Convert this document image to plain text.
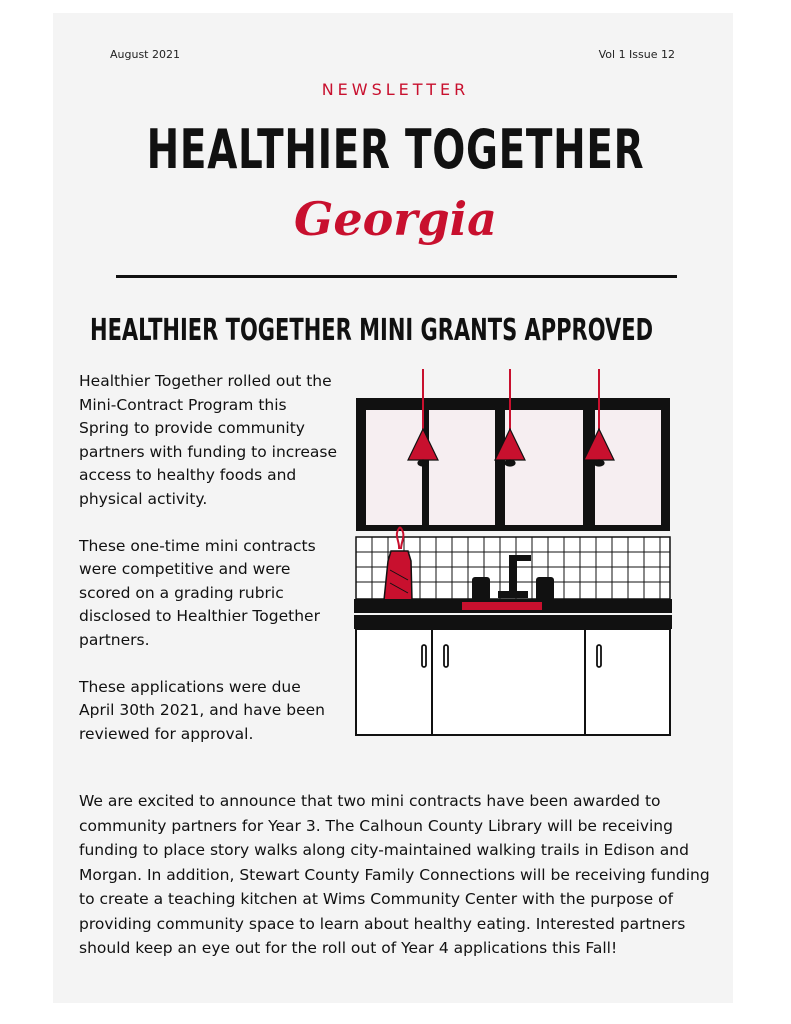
August 2021	Vol 1 Issue 12
NEWSLETTER
HEALTHIER TOGETHER
Georgia
HEALTHIER TOGETHER MINI GRANTS APPROVED

Healthier Together rolled out the Mini-Contract Program this Spring to provide community partners with funding to increase access to healthy foods and physical activity.

These one-time mini contracts were competitive and were scored on a grading rubric disclosed to Healthier Together partners.

These applications were due April 30th 2021, and have been reviewed for approval.

We are excited to announce that two mini contracts have been awarded to community partners for Year 3. The Calhoun County Library will be receiving funding to place story walks along city-maintained walking trails in Edison and Morgan. In addition, Stewart County Family Connections will be receiving funding to create a teaching kitchen at Wims Community Center with the purpose of providing community space to learn about healthy eating. Interested partners should keep an eye out for the roll out of Year 4 applications this Fall!
